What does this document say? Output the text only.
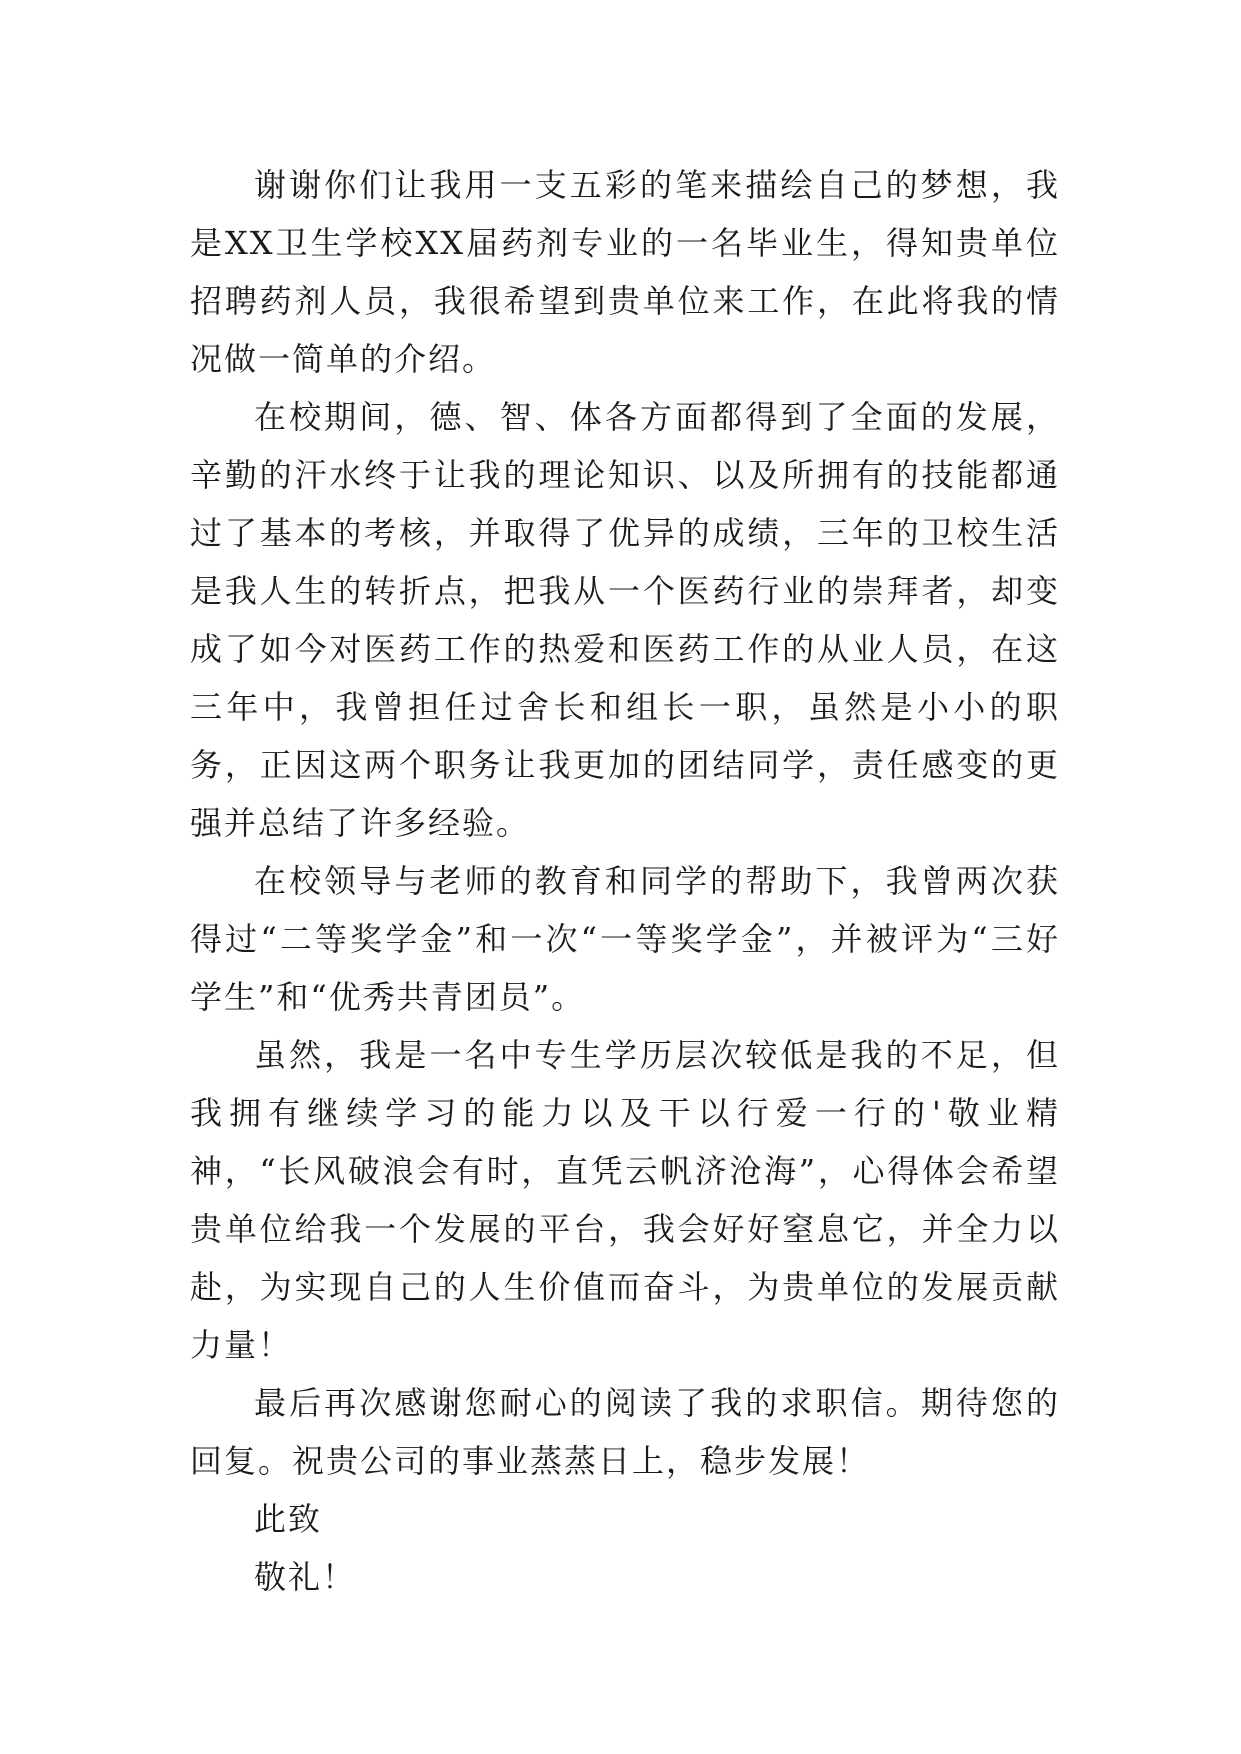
谢谢你们让我用一支五彩的笔来描绘自己的梦想，我是XX卫生学校XX届药剂专业的一名毕业生，得知贵单位招聘药剂人员，我很希望到贵单位来工作，在此将我的情况做一简单的介绍。

在校期间，德、智、体各方面都得到了全面的发展，辛勤的汗水终于让我的理论知识、以及所拥有的技能都通过了基本的考核，并取得了优异的成绩，三年的卫校生活是我人生的转折点，把我从一个医药行业的崇拜者，却变成了如今对医药工作的热爱和医药工作的从业人员，在这三年中，我曾担任过舍长和组长一职，虽然是小小的职务，正因这两个职务让我更加的团结同学，责任感变的更强并总结了许多经验。

在校领导与老师的教育和同学的帮助下，我曾两次获得过“二等奖学金”和一次“一等奖学金”，并被评为“三好学生”和“优秀共青团员”。

虽然，我是一名中专生学历层次较低是我的不足，但我拥有继续学习的能力以及干以行爱一行的'敬业精神，“长风破浪会有时，直凭云帆济沧海”，心得体会希望贵单位给我一个发展的平台，我会好好窒息它，并全力以赴，为实现自己的人生价值而奋斗，为贵单位的发展贡献力量！

最后再次感谢您耐心的阅读了我的求职信。期待您的回复。祝贵公司的事业蒸蒸日上，稳步发展！

此致

敬礼！
